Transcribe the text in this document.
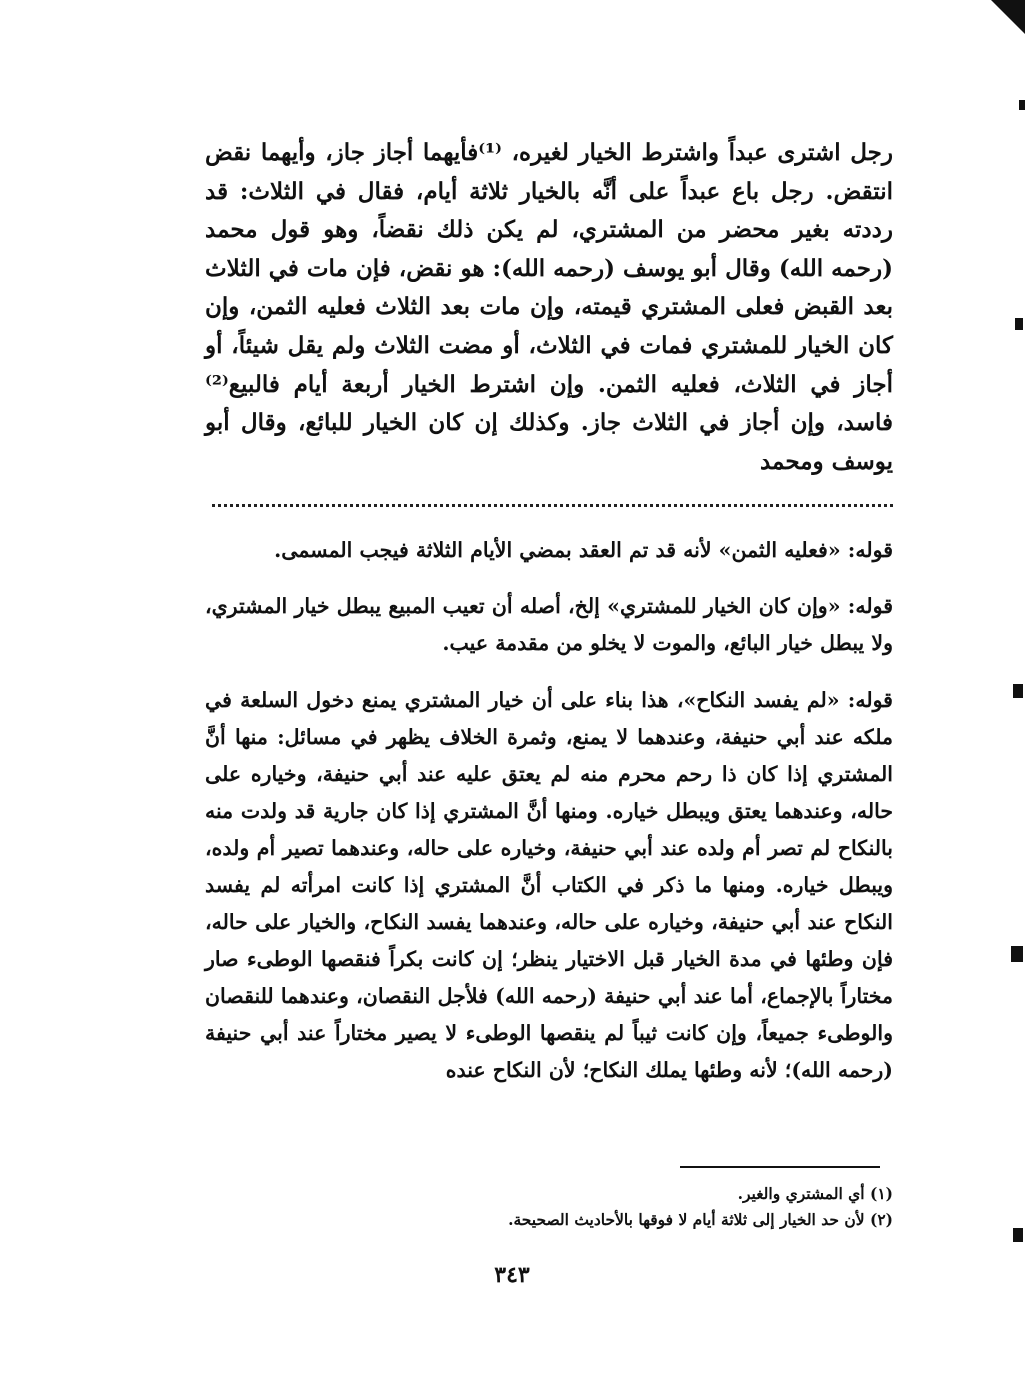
رجل اشترى عبداً واشترط الخيار لغيره، ⁽¹⁾فأيهما أجاز جاز، وأيهما نقض انتقض. رجل باع عبداً على أنَّه بالخيار ثلاثة أيام، فقال في الثلاث: قد رددته بغير محضر من المشتري، لم يكن ذلك نقضاً، وهو قول محمد (رحمه الله) وقال أبو يوسف (رحمه الله): هو نقض، فإن مات في الثلاث بعد القبض فعلى المشتري قيمته، وإن مات بعد الثلاث فعليه الثمن، وإن كان الخيار للمشتري فمات في الثلاث، أو مضت الثلاث ولم يقل شيئاً، أو أجاز في الثلاث، فعليه الثمن. وإن اشترط الخيار أربعة أيام فالبيع⁽²⁾ فاسد، وإن أجاز في الثلاث جاز. وكذلك إن كان الخيار للبائع، وقال أبو يوسف ومحمد

قوله: «فعليه الثمن» لأنه قد تم العقد بمضي الأيام الثلاثة فيجب المسمى.

قوله: «وإن كان الخيار للمشتري» إلخ، أصله أن تعيب المبيع يبطل خيار المشتري، ولا يبطل خيار البائع، والموت لا يخلو من مقدمة عيب.

قوله: «لم يفسد النكاح»، هذا بناء على أن خيار المشتري يمنع دخول السلعة في ملكه عند أبي حنيفة، وعندهما لا يمنع، وثمرة الخلاف يظهر في مسائل: منها أنَّ المشتري إذا كان ذا رحم محرم منه لم يعتق عليه عند أبي حنيفة، وخياره على حاله، وعندهما يعتق ويبطل خياره. ومنها أنَّ المشتري إذا كان جارية قد ولدت منه بالنكاح لم تصر أم ولده عند أبي حنيفة، وخياره على حاله، وعندهما تصير أم ولده، ويبطل خياره. ومنها ما ذكر في الكتاب أنَّ المشتري إذا كانت امرأته لم يفسد النكاح عند أبي حنيفة، وخياره على حاله، وعندهما يفسد النكاح، والخيار على حاله، فإن وطئها في مدة الخيار قبل الاختيار ينظر؛ إن كانت بكراً فنقصها الوطىء صار مختاراً بالإجماع، أما عند أبي حنيفة (رحمه الله) فلأجل النقصان، وعندهما للنقصان والوطىء جميعاً، وإن كانت ثيباً لم ينقصها الوطىء لا يصير مختاراً عند أبي حنيفة (رحمه الله)؛ لأنه وطئها يملك النكاح؛ لأن النكاح عنده

(١) أي المشتري والغير.

(٢) لأن حد الخيار إلى ثلاثة أيام لا فوقها بالأحاديث الصحيحة.

٣٤٣
